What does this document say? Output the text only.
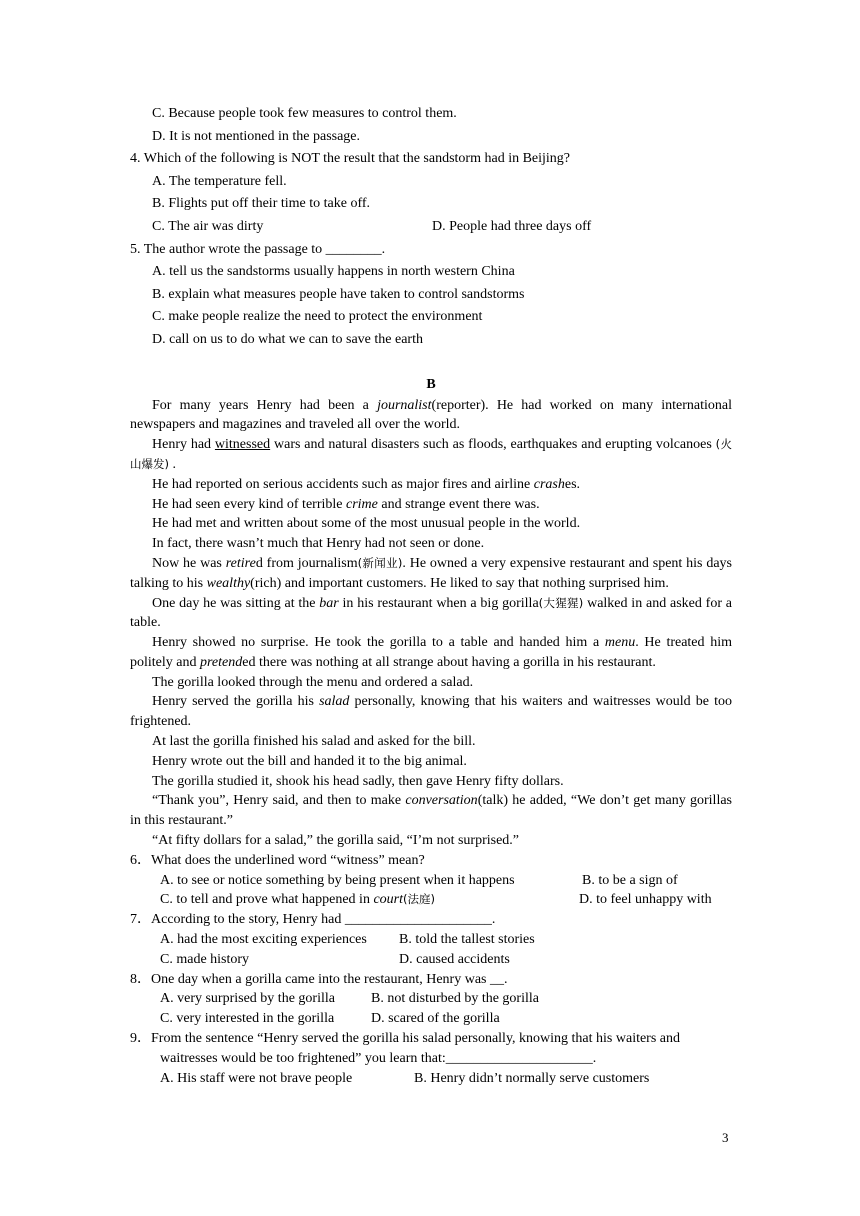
C. Because people took few measures to control them.
D. It is not mentioned in the passage.
4. Which of the following is NOT the result that the sandstorm had in Beijing?
A. The temperature fell.
B. Flights put off their time to take off.
C. The air was dirty	D. People had three days off
5. The author wrote the passage to ________.
A. tell us the sandstorms usually happens in north western China
B. explain what measures people have taken to control sandstorms
C. make people realize the need to protect the environment
D. call on us to do what we can to save the earth
B
For many years Henry had been a journalist(reporter). He had worked on many international newspapers and magazines and traveled all over the world.
Henry had witnessed wars and natural disasters such as floods, earthquakes and erupting volcanoes (火山爆发) .
He had reported on serious accidents such as major fires and airline crashes.
He had seen every kind of terrible crime and strange event there was.
He had met and written about some of the most unusual people in the world.
In fact, there wasn’t much that Henry had not seen or done.
Now he was retired from journalism(新闻业). He owned a very expensive restaurant and spent his days talking to his wealthy(rich) and important customers. He liked to say that nothing surprised him.
One day he was sitting at the bar in his restaurant when a big gorilla(大猩猩) walked in and asked for a table.
Henry showed no surprise. He took the gorilla to a table and handed him a menu. He treated him politely and pretended there was nothing at all strange about having a gorilla in his restaurant.
The gorilla looked through the menu and ordered a salad.
Henry served the gorilla his salad personally, knowing that his waiters and waitresses would be too frightened.
At last the gorilla finished his salad and asked for the bill.
Henry wrote out the bill and handed it to the big animal.
The gorilla studied it, shook his head sadly, then gave Henry fifty dollars.
“Thank you”, Henry said, and then to make conversation(talk) he added, “We don’t get many gorillas in this restaurant.”
“At fifty dollars for a salad,” the gorilla said, “I’m not surprised.”
6．What does the underlined word “witness” mean?
A. to see or notice something by being present when it happens	B. to be a sign of
C. to tell and prove what happened in court(法庭)	D. to feel unhappy with
7．According to the story, Henry had _____________________.
A. had the most exciting experiences B. told the tallest stories
C. made history	D. caused accidents
8．One day when a gorilla came into the restaurant, Henry was __.
A. very surprised by the gorilla	B. not disturbed by the gorilla
C. very interested in the gorilla	D. scared of the gorilla
9．From the sentence “Henry served the gorilla his salad personally, knowing that his waiters and waitresses would be too frightened” you learn that:_____________________.
A. His staff were not brave people	B. Henry didn’t normally serve customers
3
